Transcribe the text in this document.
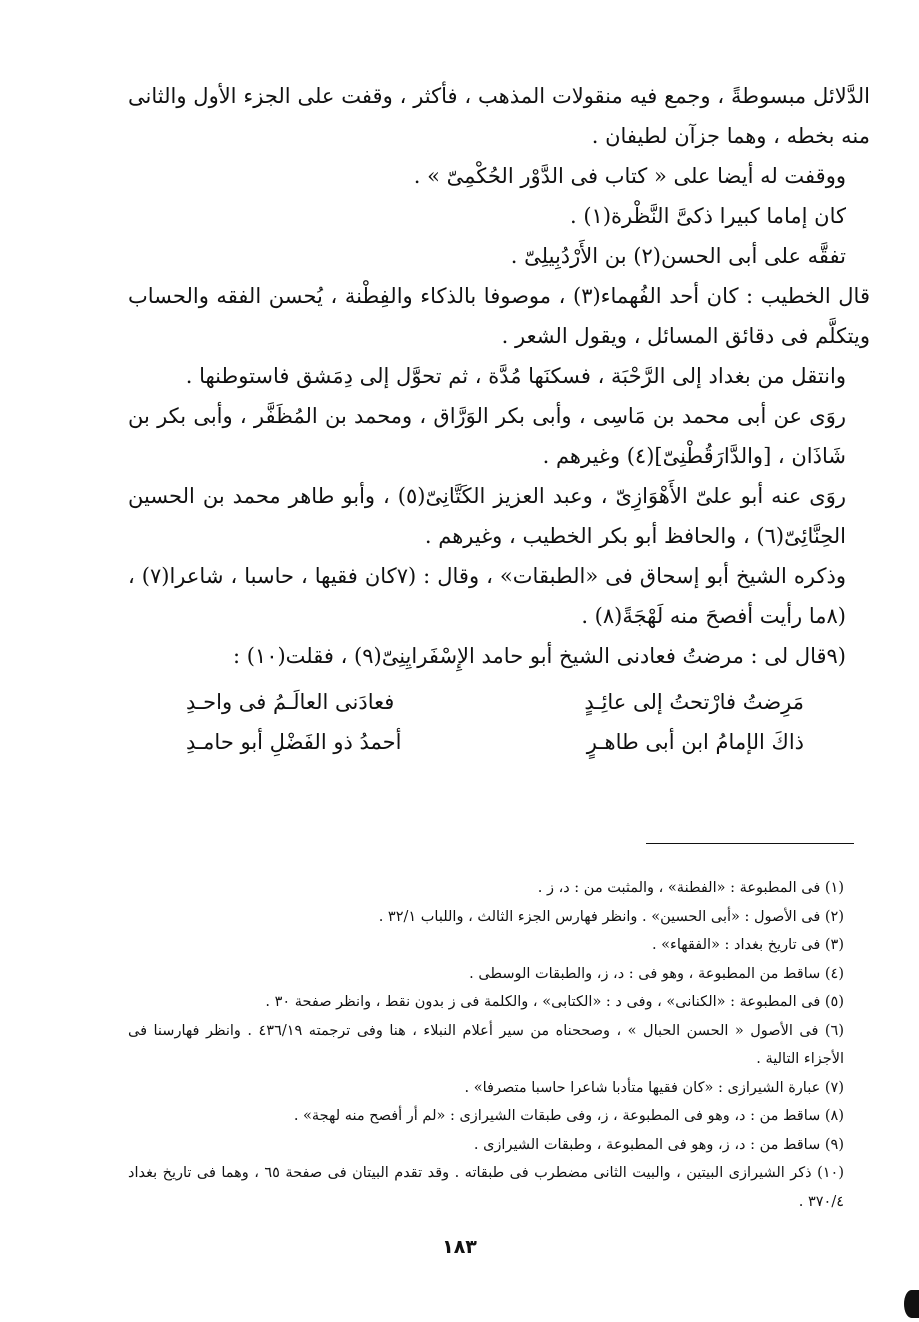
الدَّلائل مبسوطةً ، وجمع فيه منقولات المذهب ، فأكثر ، وقفت على الجزء الأول والثانى منه بخطه ، وهما جزآن لطيفان .

ووقفت له أيضا على « كتاب فى الدَّوْر الحُكْمِىّ » .

كان إماما كبيرا ذكىَّ النَّظْرة(١) .

تفقَّه على أبى الحسن(٢) بن الأَرْدُبِيلِىّ .

قال الخطيب : كان أحد الفُهماء(٣) ، موصوفا بالذكاء والفِطْنة ، يُحسن الفقه والحساب ويتكلَّم فى دقائق المسائل ، ويقول الشعر .

وانتقل من بغداد إلى الرَّحْبَة ، فسكنَها مُدَّة ، ثم تحوَّل إلى دِمَشق فاستوطنها .

روَى عن أبى محمد بن مَاسِى ، وأبى بكر الوَرَّاق ، ومحمد بن المُظَفَّر ، وأبى بكر بن شَاذَان ، [والدَّارَقُطْنِىّ](٤) وغيرهم .

روَى عنه أبو علىّ الأَهْوَازِىّ ، وعبد العزيز الكَتَّانِىّ(٥) ، وأبو طاهر محمد بن الحسين الحِنَّائِىّ(٦) ، والحافظ أبو بكر الخطيب ، وغيرهم .

وذكره الشيخ أبو إسحاق فى «الطبقات» ، وقال : (٧كان فقيها ، حاسبا ، شاعرا(٧) ، (٨ما رأيت أفصحَ منه لَهْجَةً(٨) .

(٩قال لى : مرضتُ فعادنى الشيخ أبو حامد الإِسْفَرايِنِىّ(٩) ، فقلت(١٠) :

مَرِضتُ فارْتحتُ إلى عائِـدٍ
فعادَنى العالَـمُ فى واحـدِ
ذاكَ الإمامُ ابن أبى طاهـرٍ
أحمدُ ذو الفَضْلِ أبو حامـدِ

(١) فى المطبوعة : «الفطنة» ، والمثبت من : د، ز .

(٢) فى الأصول : «أبى الحسين» . وانظر فهارس الجزء الثالث ، واللباب ٣٢/١ .

(٣) فى تاريخ بغداد : «الفقهاء» .

(٤) ساقط من المطبوعة ، وهو فى : د، ز، والطبقات الوسطى .

(٥) فى المطبوعة : «الكنانى» ، وفى د : «الكتابى» ، والكلمة فى ز بدون نقط ، وانظر صفحة ٣٠ .

(٦) فى الأصول « الحسن الحبال » ، وصححناه من سير أعلام النبلاء ، هنا وفى ترجمته ٤٣٦/١٩ . وانظر فهارسنا فى الأجزاء التالية .

(٧) عبارة الشيرازى : «كان فقيها متأدبا شاعرا حاسبا متصرفا» .

(٨) ساقط من : د، وهو فى المطبوعة ، ز، وفى طبقات الشيرازى : «لم أر أفصح منه لهجة» .

(٩) ساقط من : د، ز، وهو فى المطبوعة ، وطبقات الشيرازى .

(١٠) ذكر الشيرازى البيتين ، والبيت الثانى مضطرب فى طبقاته . وقد تقدم البيتان فى صفحة ٦٥ ، وهما فى تاريخ بغداد ٣٧٠/٤ .

١٨٣
